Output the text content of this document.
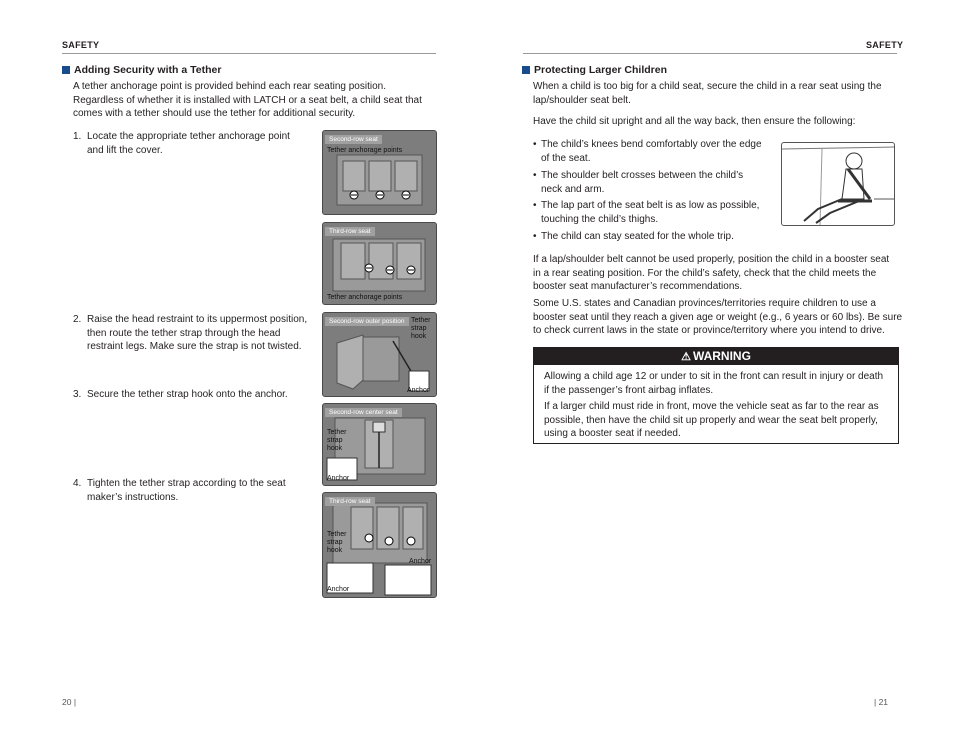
SAFETY
Adding Security with a Tether
A tether anchorage point is provided behind each rear seating position.
Regardless of whether it is installed with LATCH or a seat belt, a child seat that
comes with a tether should use the tether for additional security.
1. Locate the appropriate tether anchorage point
and lift the cover.
2. Raise the head restraint to its uppermost position,
then route the tether strap through the head
restraint legs. Make sure the strap is not twisted.
3. Secure the tether strap hook onto the anchor.
4. Tighten the tether strap according to the seat
maker’s instructions.
Second-row seat
Tether anchorage points
Third-row seat
Tether anchorage points
Second-row outer position Tether strap hook
Anchor
Second-row center seat
Tether strap hook
Anchor
Third-row seat
Tether strap hook
Anchor
Anchor
20 |
SAFETY
Protecting Larger Children
When a child is too big for a child seat, secure the child in a rear seat using the
lap/shoulder seat belt.
Have the child sit upright and all the way back, then ensure the following:
• The child’s knees bend comfortably over the edge
of the seat.
• The shoulder belt crosses between the child’s
neck and arm.
• The lap part of the seat belt is as low as possible,
touching the child’s thighs.
• The child can stay seated for the whole trip.
If a lap/shoulder belt cannot be used properly, position the child in a booster seat
in a rear seating position. For the child’s safety, check that the child meets the
booster seat manufacturer’s recommendations.
Some U.S. states and Canadian provinces/territories require children to use a
booster seat until they reach a given age or weight (e.g., 6 years or 60 lbs). Be sure
to check current laws in the state or province/territory where you intend to drive.
⚠ WARNING
Allowing a child age 12 or under to sit in the front can result in injury or death
if the passenger’s front airbag inflates.
If a larger child must ride in front, move the vehicle seat as far to the rear as
possible, then have the child sit up properly and wear the seat belt properly,
using a booster seat if needed.
| 21
